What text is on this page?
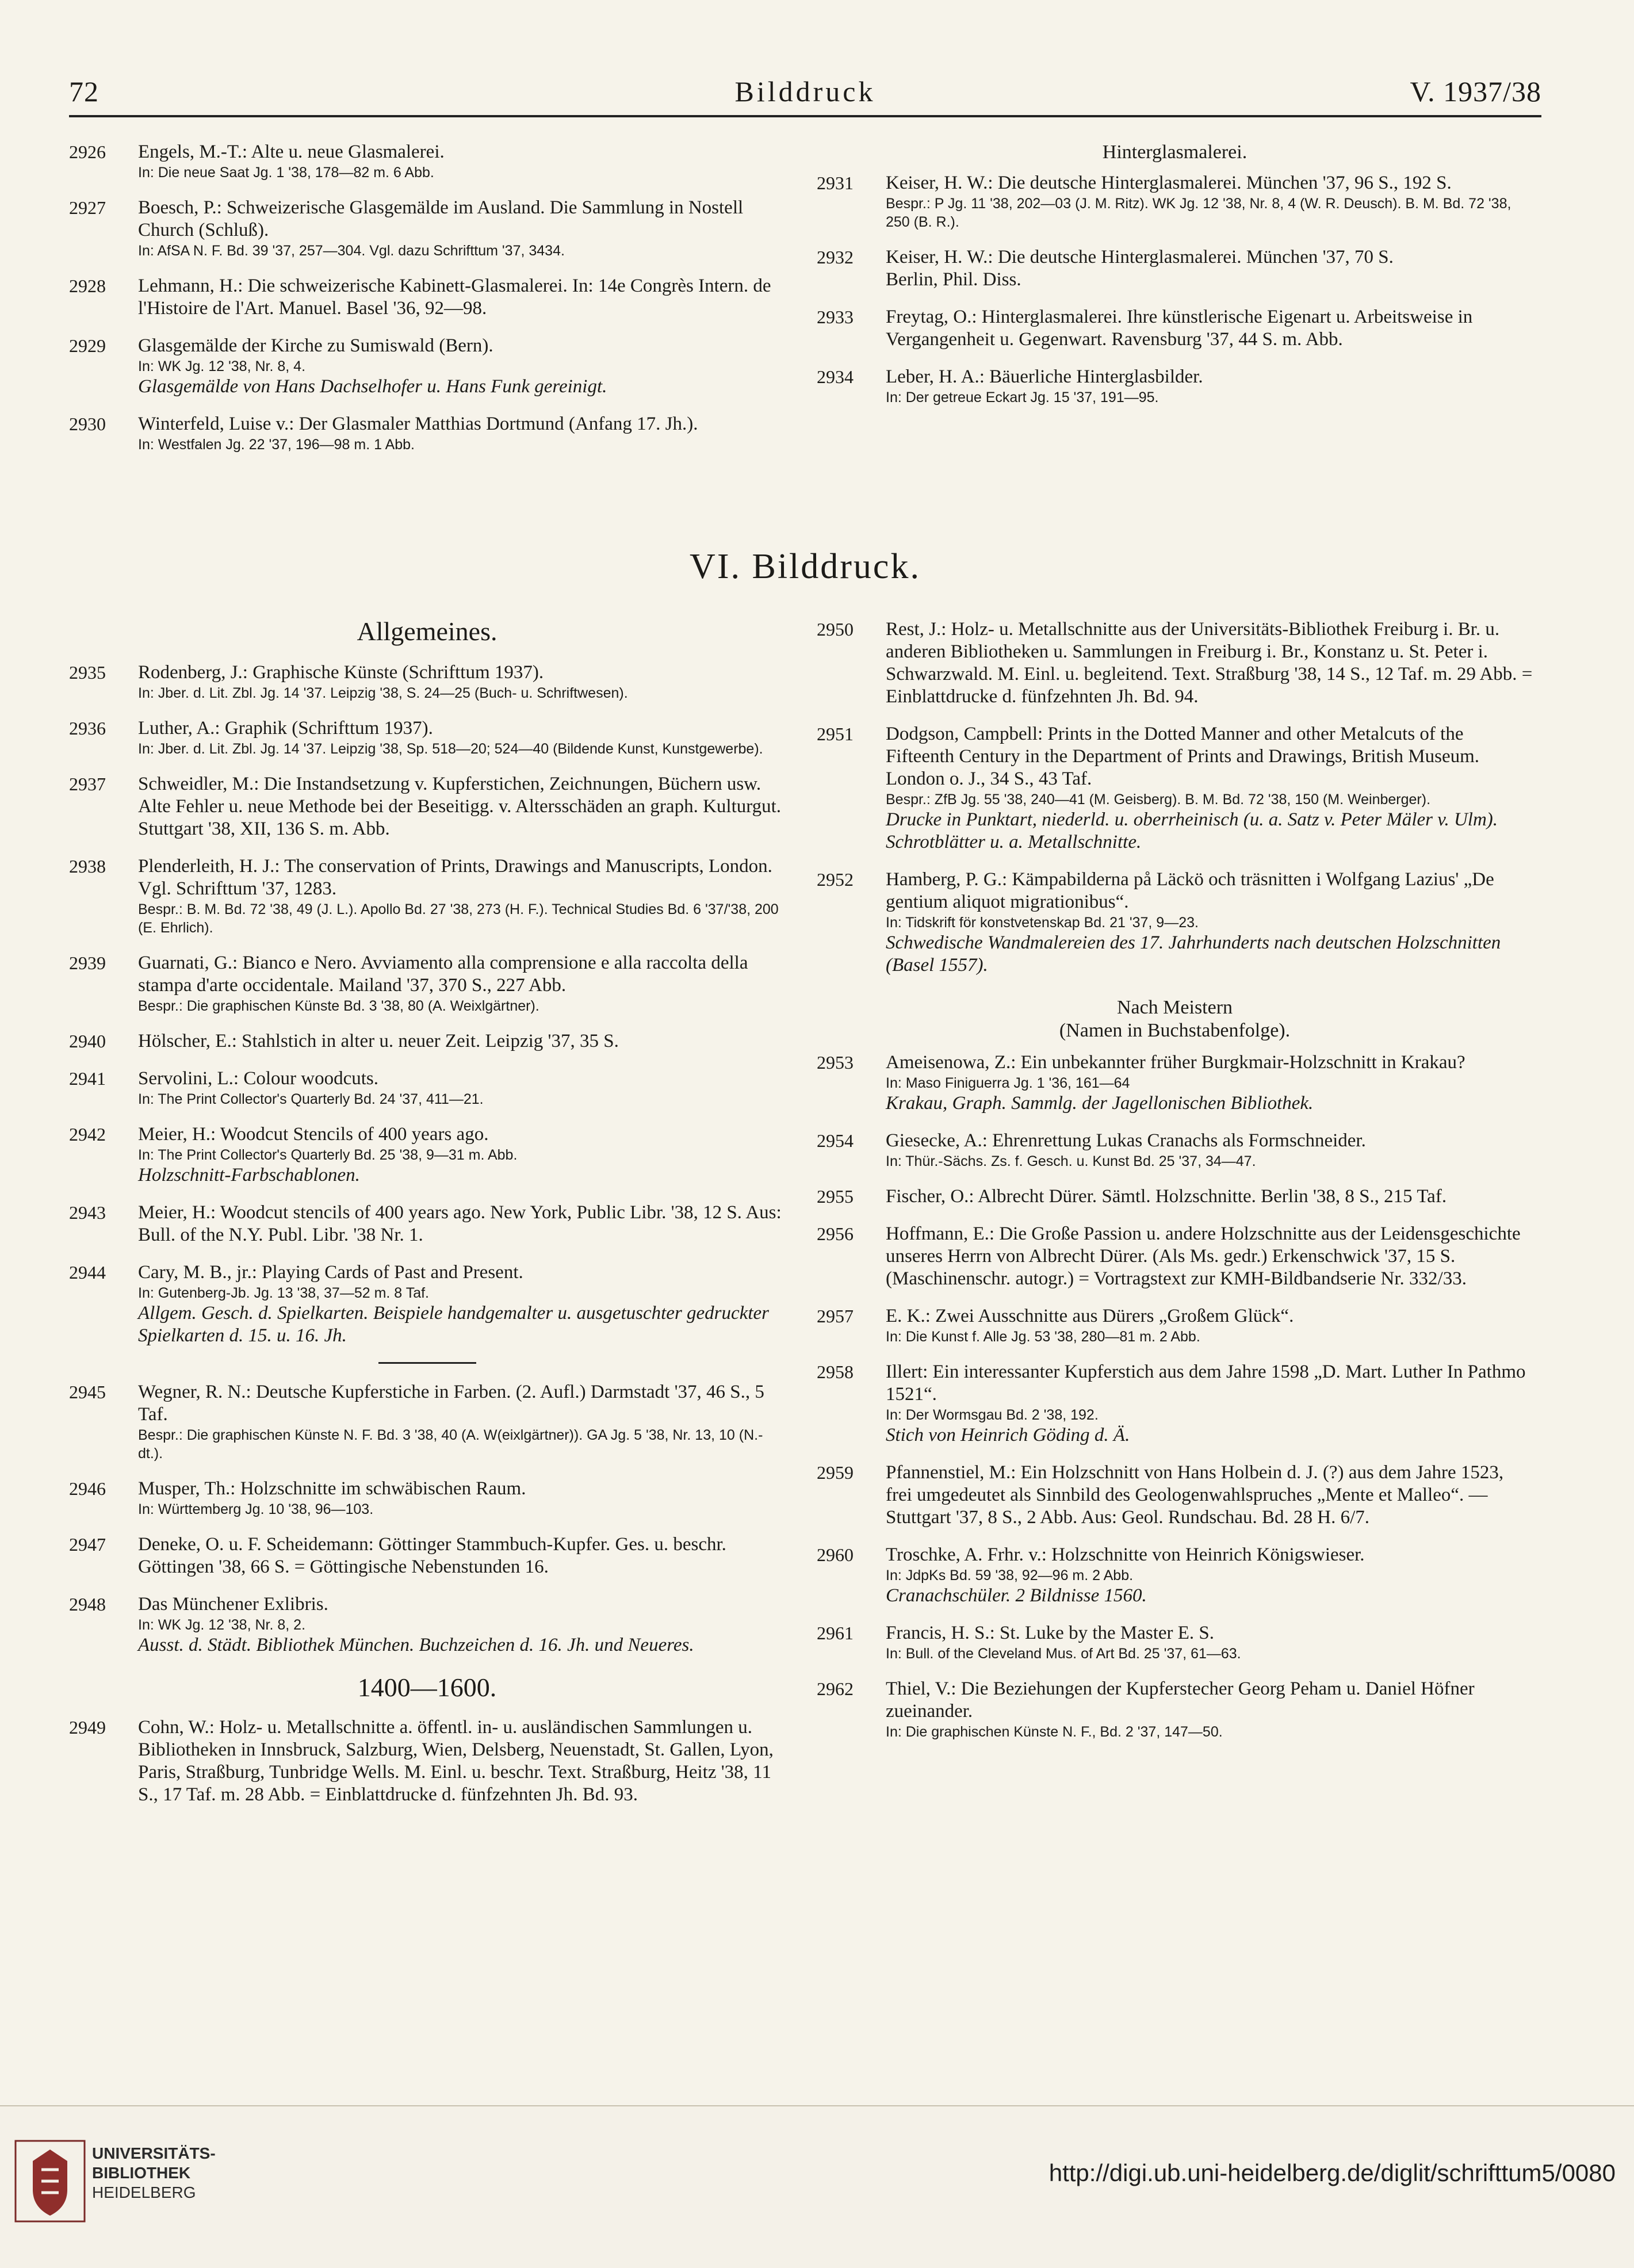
Bilddruck
72	V. 1937/38
2926 Engels, M.-T.: Alte u. neue Glasmalerei.
In: Die neue Saat Jg. 1 '38, 178—82 m. 6 Abb.
2927 Boesch, P.: Schweizerische Glasgemälde im Ausland. Die Sammlung in Nostell Church (Schluß).
In: AfSA N. F. Bd. 39 '37, 257—304. Vgl. dazu Schrifttum '37, 3434.
2928 Lehmann, H.: Die schweizerische Kabinett-Glasmalerei. In: 14e Congrès Intern. de l'Histoire de l'Art. Manuel. Basel '36, 92—98.
2929 Glasgemälde der Kirche zu Sumiswald (Bern).
In: WK Jg. 12 '38, Nr. 8, 4.
Glasgemälde von Hans Dachselhofer u. Hans Funk gereinigt.
2930 Winterfeld, Luise v.: Der Glasmaler Matthias Dortmund (Anfang 17. Jh.).
In: Westfalen Jg. 22 '37, 196—98 m. 1 Abb.
Hinterglasmalerei.
2931 Keiser, H. W.: Die deutsche Hinterglasmalerei. München '37, 96 S., 192 S.
Bespr.: P Jg. 11 '38, 202—03 (J. M. Ritz). WK Jg. 12 '38, Nr. 8, 4 (W. R. Deusch). B. M. Bd. 72 '38, 250 (B. R.).
2932 Keiser, H. W.: Die deutsche Hinterglasmalerei. München '37, 70 S.
Berlin, Phil. Diss.
2933 Freytag, O.: Hinterglasmalerei. Ihre künstlerische Eigenart u. Arbeitsweise in Vergangenheit u. Gegenwart. Ravensburg '37, 44 S. m. Abb.
2934 Leber, H. A.: Bäuerliche Hinterglasbilder.
In: Der getreue Eckart Jg. 15 '37, 191—95.
VI. Bilddruck.
Allgemeines.
2935 Rodenberg, J.: Graphische Künste (Schrifttum 1937).
In: Jber. d. Lit. Zbl. Jg. 14 '37. Leipzig '38, S. 24—25 (Buch- u. Schriftwesen).
2936 Luther, A.: Graphik (Schrifttum 1937).
In: Jber. d. Lit. Zbl. Jg. 14 '37. Leipzig '38, Sp. 518—20; 524—40 (Bildende Kunst, Kunstgewerbe).
2937 Schweidler, M.: Die Instandsetzung v. Kupferstichen, Zeichnungen, Büchern usw. Alte Fehler u. neue Methode bei der Beseitigg. v. Altersschäden an graph. Kulturgut. Stuttgart '38, XII, 136 S. m. Abb.
2938 Plenderleith, H. J.: The conservation of Prints, Drawings and Manuscripts, London. Vgl. Schrifttum '37, 1283.
Bespr.: B. M. Bd. 72 '38, 49 (J. L.). Apollo Bd. 27 '38, 273 (H. F.). Technical Studies Bd. 6 '37/'38, 200 (E. Ehrlich).
2939 Guarnati, G.: Bianco e Nero. Avviamento alla comprensione e alla raccolta della stampa d'arte occidentale. Mailand '37, 370 S., 227 Abb.
Bespr.: Die graphischen Künste Bd. 3 '38, 80 (A. Weixlgärtner).
2940 Hölscher, E.: Stahlstich in alter u. neuer Zeit. Leipzig '37, 35 S.
2941 Servolini, L.: Colour woodcuts.
In: The Print Collector's Quarterly Bd. 24 '37, 411—21.
2942 Meier, H.: Woodcut Stencils of 400 years ago.
In: The Print Collector's Quarterly Bd. 25 '38, 9—31 m. Abb.
Holzschnitt-Farbschablonen.
2943 Meier, H.: Woodcut stencils of 400 years ago. New York, Public Libr. '38, 12 S. Aus: Bull. of the N.Y. Publ. Libr. '38 Nr. 1.
2944 Cary, M. B., jr.: Playing Cards of Past and Present.
In: Gutenberg-Jb. Jg. 13 '38, 37—52 m. 8 Taf.
Allgem. Gesch. d. Spielkarten. Beispiele handgemalter u. ausgetuschter gedruckter Spielkarten d. 15. u. 16. Jh.
2945 Wegner, R. N.: Deutsche Kupferstiche in Farben. (2. Aufl.) Darmstadt '37, 46 S., 5 Taf.
Bespr.: Die graphischen Künste N. F. Bd. 3 '38, 40 (A. W(eixlgärtner)). GA Jg. 5 '38, Nr. 13, 10 (N.-dt.).
2946 Musper, Th.: Holzschnitte im schwäbischen Raum.
In: Württemberg Jg. 10 '38, 96—103.
2947 Deneke, O. u. F. Scheidemann: Göttinger Stammbuch-Kupfer. Ges. u. beschr. Göttingen '38, 66 S. = Göttingische Nebenstunden 16.
2948 Das Münchener Exlibris.
In: WK Jg. 12 '38, Nr. 8, 2.
Ausst. d. Städt. Bibliothek München. Buchzeichen d. 16. Jh. und Neueres.
1400—1600.
2949 Cohn, W.: Holz- u. Metallschnitte a. öffentl. in- u. ausländischen Sammlungen u. Bibliotheken in Innsbruck, Salzburg, Wien, Delsberg, Neuenstadt, St. Gallen, Lyon, Paris, Straßburg, Tunbridge Wells. M. Einl. u. beschr. Text. Straßburg, Heitz '38, 11 S., 17 Taf. m. 28 Abb. = Einblattdrucke d. fünfzehnten Jh. Bd. 93.
2950 Rest, J.: Holz- u. Metallschnitte aus der Universitäts-Bibliothek Freiburg i. Br. u. anderen Bibliotheken u. Sammlungen in Freiburg i. Br., Konstanz u. St. Peter i. Schwarzwald. M. Einl. u. begleitend. Text. Straßburg '38, 14 S., 12 Taf. m. 29 Abb. = Einblattdrucke d. fünfzehnten Jh. Bd. 94.
2951 Dodgson, Campbell: Prints in the Dotted Manner and other Metalcuts of the Fifteenth Century in the Department of Prints and Drawings, British Museum. London o. J., 34 S., 43 Taf.
Bespr.: ZfB Jg. 55 '38, 240—41 (M. Geisberg). B. M. Bd. 72 '38, 150 (M. Weinberger).
Drucke in Punktart, niederld. u. oberrheinisch (u. a. Satz v. Peter Mäler v. Ulm). Schrotblätter u. a. Metallschnitte.
2952 Hamberg, P. G.: Kämpabilderna på Läckö och träsnitten i Wolfgang Lazius' „De gentium aliquot migrationibus“.
In: Tidskrift för konstvetenskap Bd. 21 '37, 9—23.
Schwedische Wandmalereien des 17. Jahrhunderts nach deutschen Holzschnitten (Basel 1557).
Nach Meistern
(Namen in Buchstabenfolge).
2953 Ameisenowa, Z.: Ein unbekannter früher Burgkmair-Holzschnitt in Krakau?
In: Maso Finiguerra Jg. 1 '36, 161—64
Krakau, Graph. Sammlg. der Jagellonischen Bibliothek.
2954 Giesecke, A.: Ehrenrettung Lukas Cranachs als Formschneider.
In: Thür.-Sächs. Zs. f. Gesch. u. Kunst Bd. 25 '37, 34—47.
2955 Fischer, O.: Albrecht Dürer. Sämtl. Holzschnitte. Berlin '38, 8 S., 215 Taf.
2956 Hoffmann, E.: Die Große Passion u. andere Holzschnitte aus der Leidensgeschichte unseres Herrn von Albrecht Dürer. (Als Ms. gedr.) Erkenschwick '37, 15 S. (Maschinenschr. autogr.) = Vortragstext zur KMH-Bildbandserie Nr. 332/33.
2957 E. K.: Zwei Ausschnitte aus Dürers „Großem Glück“.
In: Die Kunst f. Alle Jg. 53 '38, 280—81 m. 2 Abb.
2958 Illert: Ein interessanter Kupferstich aus dem Jahre 1598 „D. Mart. Luther In Pathmo 1521“.
In: Der Wormsgau Bd. 2 '38, 192.
Stich von Heinrich Göding d. Ä.
2959 Pfannenstiel, M.: Ein Holzschnitt von Hans Holbein d. J. (?) aus dem Jahre 1523, frei umgedeutet als Sinnbild des Geologenwahlspruches „Mente et Malleo“. — Stuttgart '37, 8 S., 2 Abb. Aus: Geol. Rundschau. Bd. 28 H. 6/7.
2960 Troschke, A. Frhr. v.: Holzschnitte von Heinrich Königswieser.
In: JdpKs Bd. 59 '38, 92—96 m. 2 Abb.
Cranachschüler. 2 Bildnisse 1560.
2961 Francis, H. S.: St. Luke by the Master E. S.
In: Bull. of the Cleveland Mus. of Art Bd. 25 '37, 61—63.
2962 Thiel, V.: Die Beziehungen der Kupferstecher Georg Peham u. Daniel Höfner zueinander.
In: Die graphischen Künste N. F., Bd. 2 '37, 147—50.
UNIVERSITÄTS-
BIBLIOTHEK
HEIDELBERG
http://digi.ub.uni-heidelberg.de/diglit/schrifttum5/0080
